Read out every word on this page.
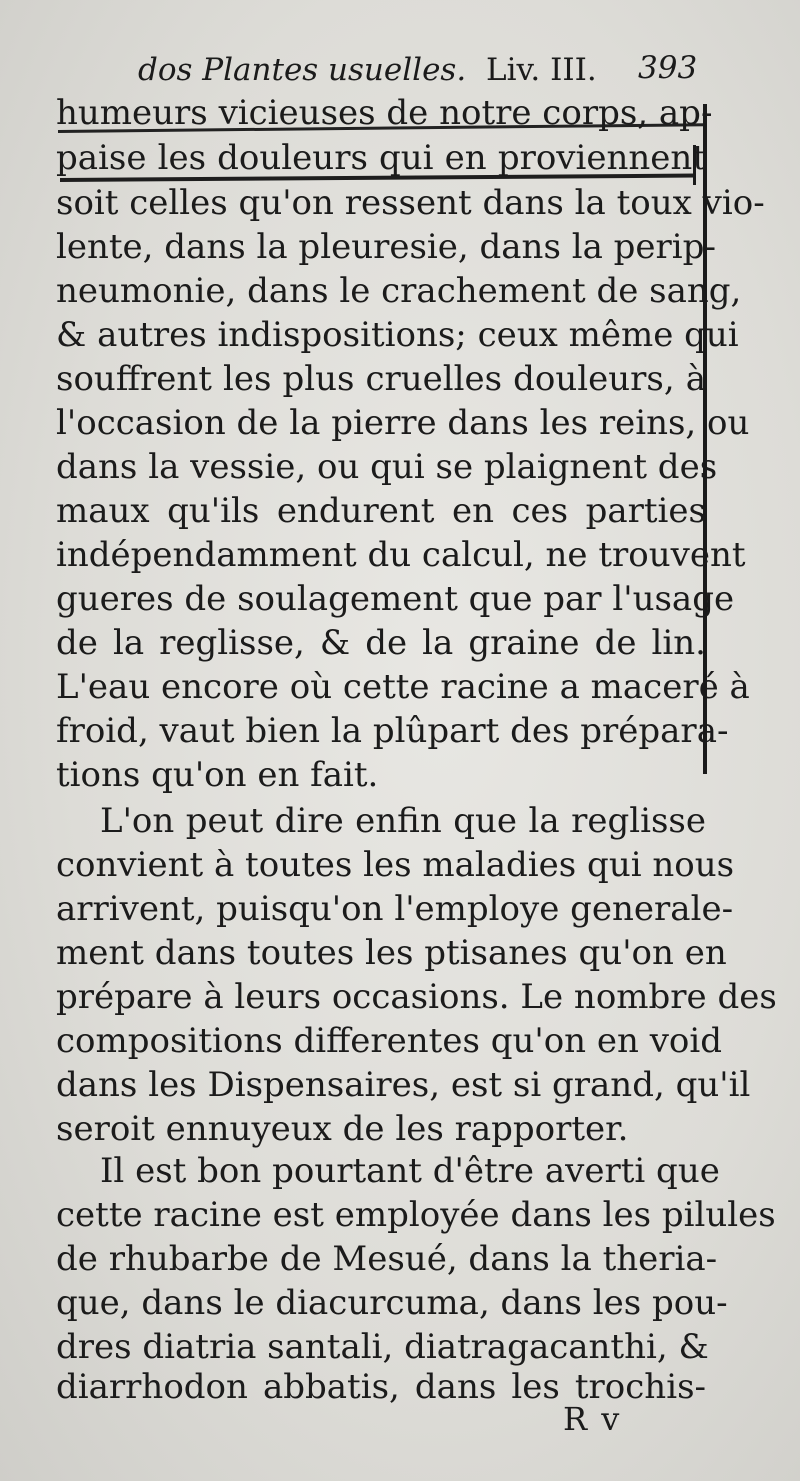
dos Plantes usuelles. Liv. III. 393
humeurs vicieuses de notre corps, ap-
paise les douleurs qui en proviennent
soit celles qu'on ressent dans la toux vio-
lente, dans la pleuresie, dans la perip-
neumonie, dans le crachement de sang,
& autres indispositions; ceux même qui
souffrent les plus cruelles douleurs, à
l'occasion de la pierre dans les reins, ou
dans la vessie, ou qui se plaignent des
maux qu'ils endurent en ces parties
indépendamment du calcul, ne trouvent
gueres de soulagement que par l'usage
de la reglisse, & de la graine de lin.
L'eau encore où cette racine a maceré à
froid, vaut bien la plûpart des prépara-
tions qu'on en fait.
L'on peut dire enfin que la reglisse
convient à toutes les maladies qui nous
arrivent, puisqu'on l'employe generale-
ment dans toutes les ptisanes qu'on en
prépare à leurs occasions. Le nombre des
compositions differentes qu'on en void
dans les Dispensaires, est si grand, qu'il
seroit ennuyeux de les rapporter.
Il est bon pourtant d'être averti que
cette racine est employée dans les pilules
de rhubarbe de Mesué, dans la theria-
que, dans le diacurcuma, dans les pou-
dres diatria santali, diatragacanthi, &
diarrhodon abbatis, dans les trochis-
R v
